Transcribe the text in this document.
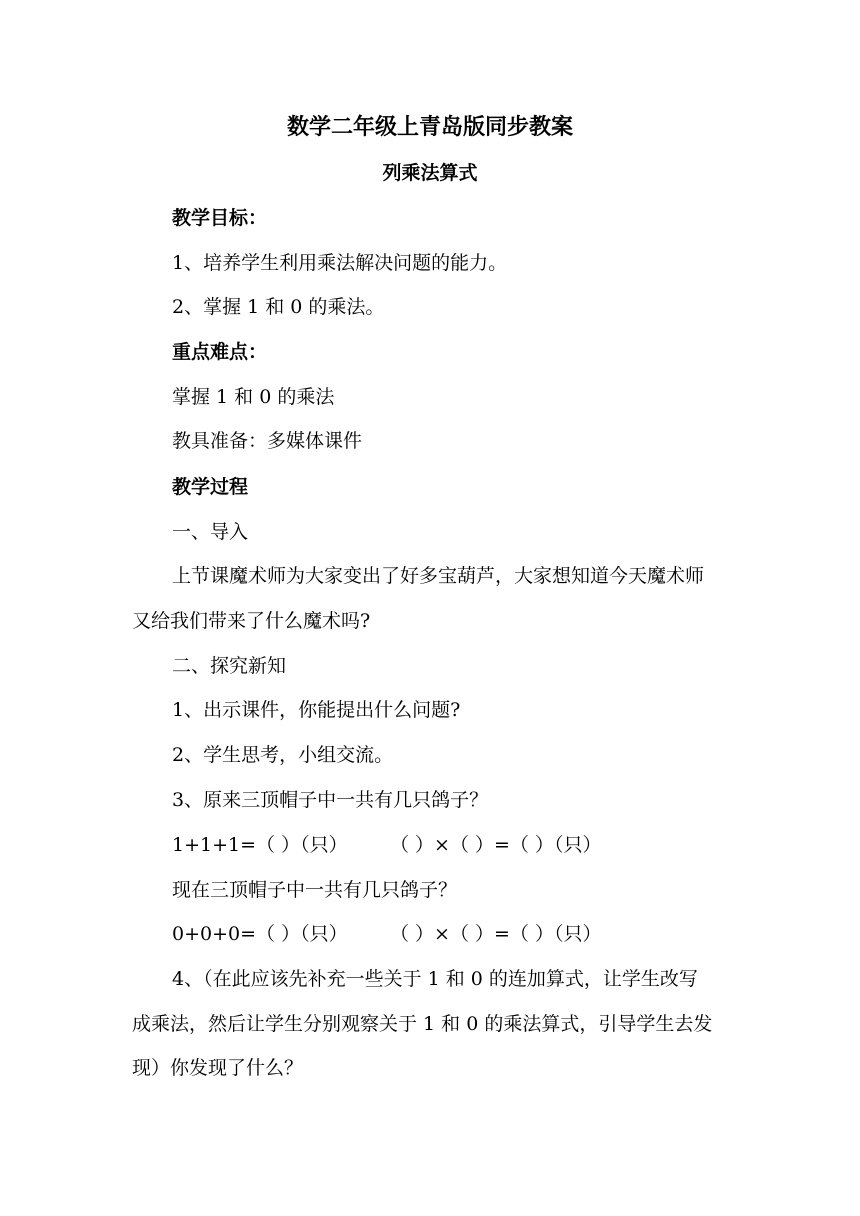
数学二年级上青岛版同步教案
列乘法算式
教学目标：
1、培养学生利用乘法解决问题的能力。
2、掌握 1 和 0 的乘法。
重点难点：
掌握 1 和 0 的乘法
教具准备：多媒体课件
教学过程
一、导入
上节课魔术师为大家变出了好多宝葫芦，大家想知道今天魔术师
又给我们带来了什么魔术吗?
二、探究新知
1、出示课件，你能提出什么问题?
2、学生思考，小组交流。
3、原来三顶帽子中一共有几只鸽子？
1+1+1=（ ）（只） （ ）×（ ）=（ ）（只）
现在三顶帽子中一共有几只鸽子？
0+0+0=（ ）（只） （ ）×（ ）=（ ）（只）
4、（在此应该先补充一些关于 1 和 0 的连加算式，让学生改写
成乘法，然后让学生分别观察关于 1 和 0 的乘法算式，引导学生去发
现）你发现了什么？
